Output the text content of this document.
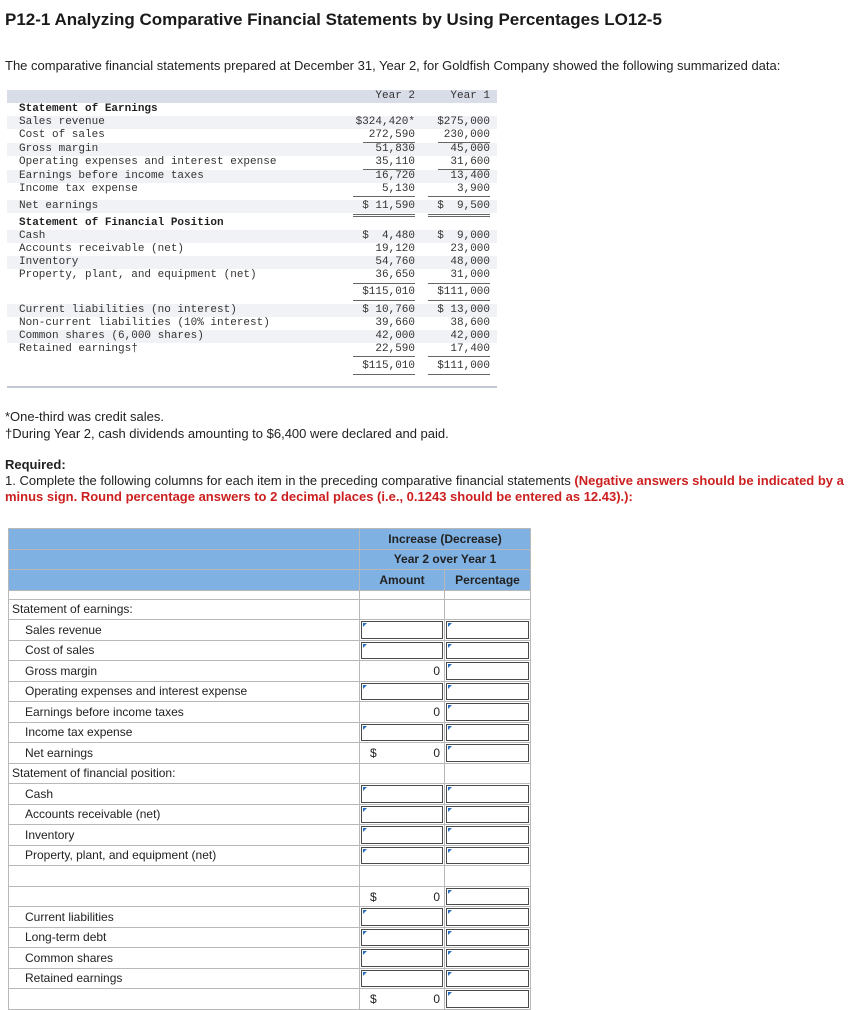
P12-1 Analyzing Comparative Financial Statements by Using Percentages LO12-5
The comparative financial statements prepared at December 31, Year 2, for Goldfish Company showed the following summarized data:
Year 2	Year 1
Statement of Earnings
Sales revenue	$324,420*	$275,000
Cost of sales	272,590	230,000
Gross margin	51,830	45,000
Operating expenses and interest expense	35,110	31,600
Earnings before income taxes	16,720	13,400
Income tax expense	5,130	3,900
Net earnings	$ 11,590	$  9,500
Statement of Financial Position
Cash	$  4,480	$  9,000
Accounts receivable (net)	19,120	23,000
Inventory	54,760	48,000
Property, plant, and equipment (net)	36,650	31,000
$115,010	$111,000
Current liabilities (no interest)	$ 10,760	$ 13,000
Non-current liabilities (10% interest)	39,660	38,600
Common shares (6,000 shares)	42,000	42,000
Retained earnings†	22,590	17,400
$115,010	$111,000
*One-third was credit sales.
†During Year 2, cash dividends amounting to $6,400 were declared and paid.
Required:
1. Complete the following columns for each item in the preceding comparative financial statements (Negative answers should be indicated by a minus sign. Round percentage answers to 2 decimal places (i.e., 0.1243 should be entered as 12.43).):
	Increase (Decrease)	
	Year 2 over Year 1	
	Amount	Percentage

Statement of earnings:		
Sales revenue	

Cost of sales	

Gross margin	0	

Operating expenses and interest expense	

Earnings before income taxes	0	

Income tax expense	

Net earnings	$ 0	

Statement of financial position:		
Cash	

Accounts receivable (net)	

Inventory	

Property, plant, and equipment (net)	

	$ 0	

Current liabilities	

Long-term debt	

Common shares	

Retained earnings	

	$ 0	
